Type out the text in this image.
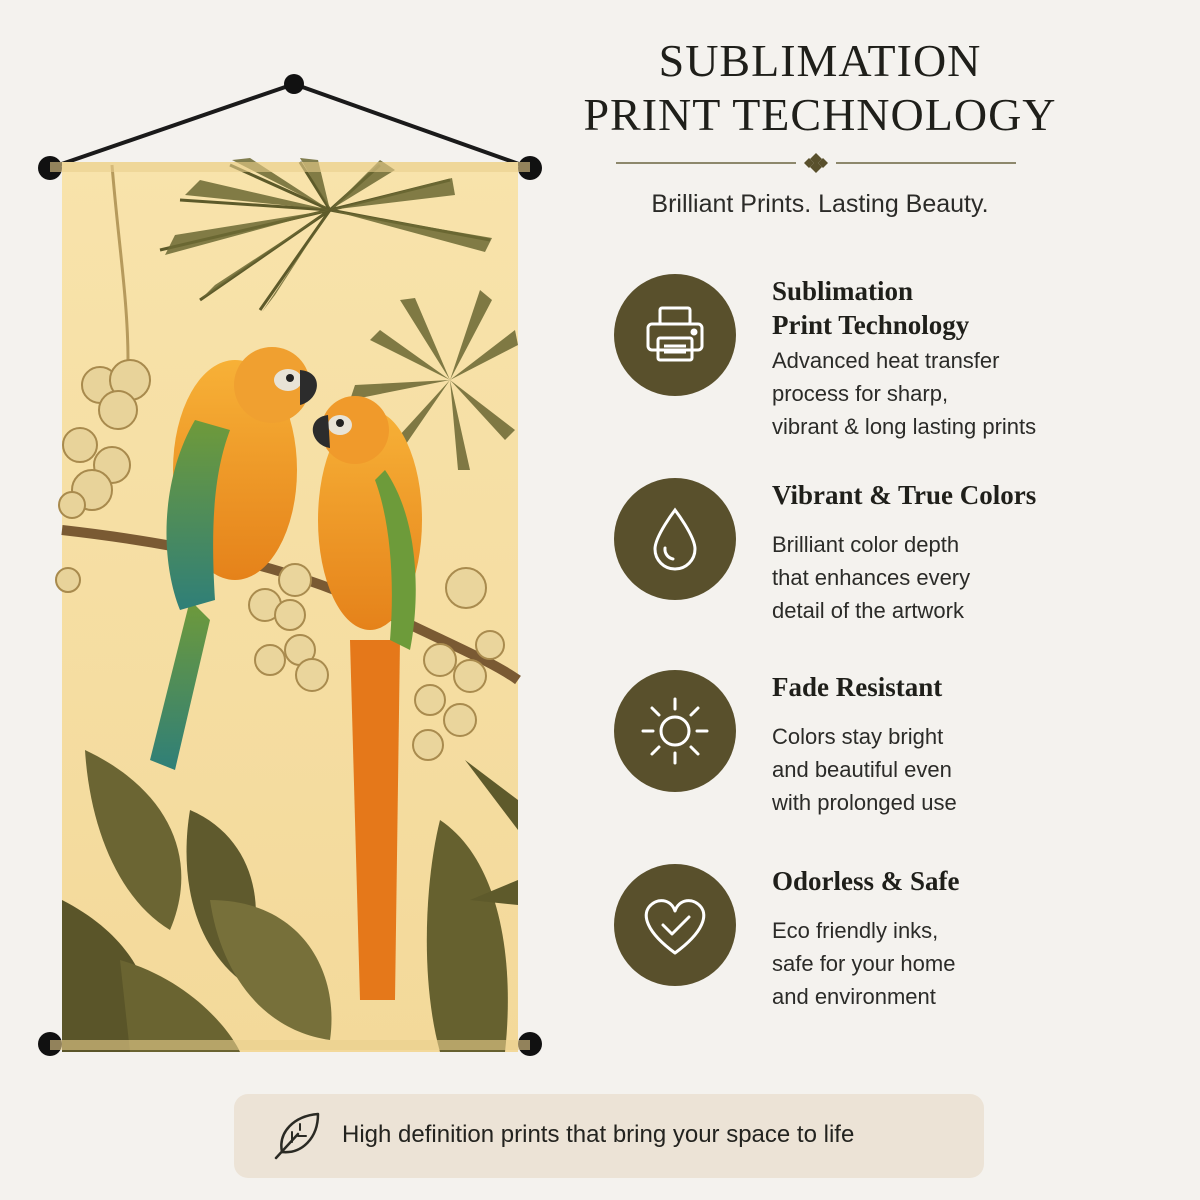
SUBLIMATION
PRINT TECHNOLOGY
Brilliant Prints. Lasting Beauty.
Sublimation
Print Technology
Advanced heat transfer
process for sharp,
vibrant & long lasting prints
Vibrant & True Colors
Brilliant color depth
that enhances every
detail of the artwork
Fade Resistant
Colors stay bright
and beautiful even
with prolonged use
Odorless & Safe
Eco friendly inks,
safe for your home
and environment
High definition prints that bring your space to life
